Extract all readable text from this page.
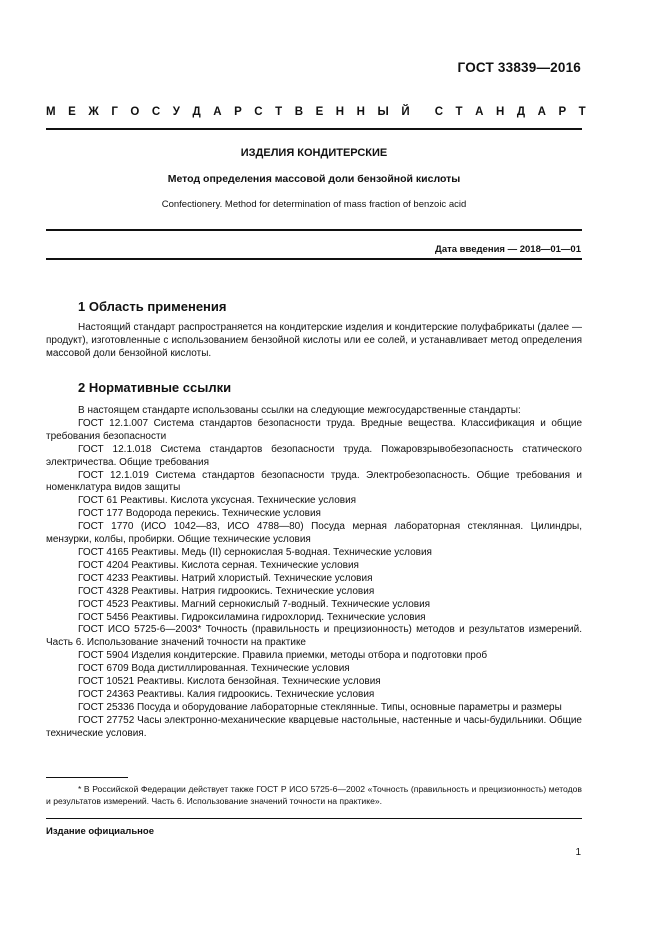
ГОСТ 33839—2016
М Е Ж Г О С У Д А Р С Т В Е Н Н Ы Й С Т А Н Д А Р Т
ИЗДЕЛИЯ КОНДИТЕРСКИЕ
Метод определения массовой доли бензойной кислоты
Confectionery. Method for determination of mass fraction of benzoic acid
Дата введения — 2018—01—01
1 Область применения
Настоящий стандарт распространяется на кондитерские изделия и кондитерские полуфабрикаты (далее — продукт), изготовленные с использованием бензойной кислоты или ее солей, и устанавливает метод определения массовой доли бензойной кислоты.
2 Нормативные ссылки
В настоящем стандарте использованы ссылки на следующие межгосударственные стандарты:
ГОСТ 12.1.007 Система стандартов безопасности труда. Вредные вещества. Классификация и общие требования безопасности
ГОСТ 12.1.018 Система стандартов безопасности труда. Пожаровзрывобезопасность статического электричества. Общие требования
ГОСТ 12.1.019 Система стандартов безопасности труда. Электробезопасность. Общие требования и номенклатура видов защиты
ГОСТ 61 Реактивы. Кислота уксусная. Технические условия
ГОСТ 177 Водорода перекись. Технические условия
ГОСТ 1770 (ИСО 1042—83, ИСО 4788—80) Посуда мерная лабораторная стеклянная. Цилиндры, мензурки, колбы, пробирки. Общие технические условия
ГОСТ 4165 Реактивы. Медь (II) сернокислая 5-водная. Технические условия
ГОСТ 4204 Реактивы. Кислота серная. Технические условия
ГОСТ 4233 Реактивы. Натрий хлористый. Технические условия
ГОСТ 4328 Реактивы. Натрия гидроокись. Технические условия
ГОСТ 4523 Реактивы. Магний сернокислый 7-водный. Технические условия
ГОСТ 5456 Реактивы. Гидроксиламина гидрохлорид. Технические условия
ГОСТ ИСО 5725-6—2003* Точность (правильность и прецизионность) методов и результатов измерений. Часть 6. Использование значений точности на практике
ГОСТ 5904 Изделия кондитерские. Правила приемки, методы отбора и подготовки проб
ГОСТ 6709 Вода дистиллированная. Технические условия
ГОСТ 10521 Реактивы. Кислота бензойная. Технические условия
ГОСТ 24363 Реактивы. Калия гидроокись. Технические условия
ГОСТ 25336 Посуда и оборудование лабораторные стеклянные. Типы, основные параметры и размеры
ГОСТ 27752 Часы электронно-механические кварцевые настольные, настенные и часы-будильники. Общие технические условия.
* В Российской Федерации действует также ГОСТ Р ИСО 5725-6—2002 «Точность (правильность и прецизионность) методов и результатов измерений. Часть 6. Использование значений точности на практике».
Издание официальное
1
